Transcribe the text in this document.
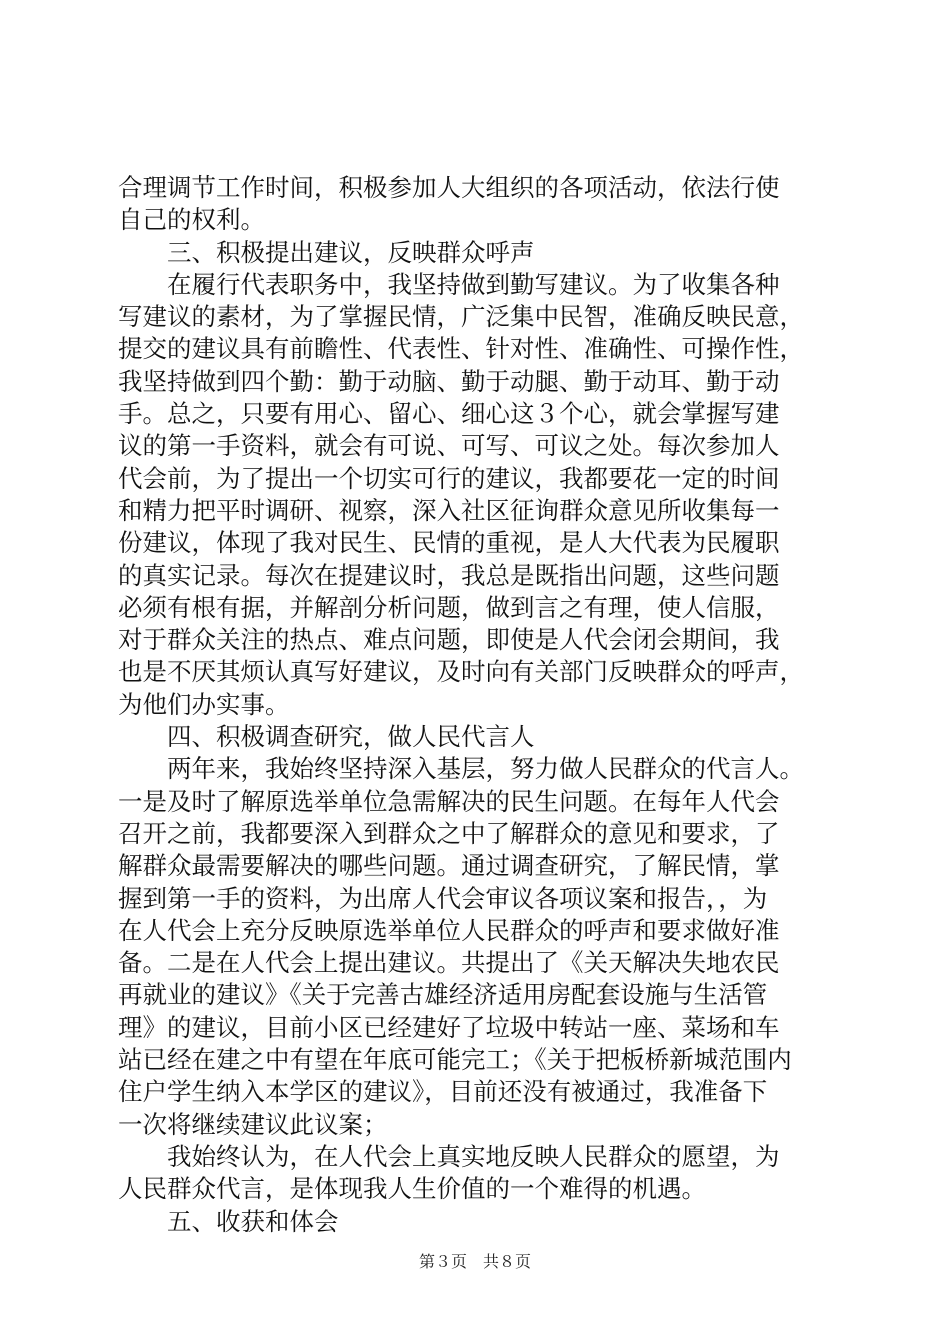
合理调节工作时间，积极参加人大组织的各项活动，依法行使
自己的权利。
　　三、积极提出建议，反映群众呼声
　　在履行代表职务中，我坚持做到勤写建议。为了收集各种
写建议的素材，为了掌握民情，广泛集中民智，准确反映民意，
提交的建议具有前瞻性、代表性、针对性、准确性、可操作性，
我坚持做到四个勤：勤于动脑、勤于动腿、勤于动耳、勤于动
手。总之，只要有用心、留心、细心这３个心，就会掌握写建
议的第一手资料，就会有可说、可写、可议之处。每次参加人
代会前，为了提出一个切实可行的建议，我都要花一定的时间
和精力把平时调研、视察，深入社区征询群众意见所收集每一
份建议，体现了我对民生、民情的重视，是人大代表为民履职
的真实记录。每次在提建议时，我总是既指出问题，这些问题
必须有根有据，并解剖分析问题，做到言之有理，使人信服，
对于群众关注的热点、难点问题，即使是人代会闭会期间，我
也是不厌其烦认真写好建议，及时向有关部门反映群众的呼声，
为他们办实事。
　　四、积极调查研究，做人民代言人
　　两年来，我始终坚持深入基层，努力做人民群众的代言人。
一是及时了解原选举单位急需解决的民生问题。在每年人代会
召开之前，我都要深入到群众之中了解群众的意见和要求，了
解群众最需要解决的哪些问题。通过调查研究，了解民情，掌
握到第一手的资料，为出席人代会审议各项议案和报告，，为
在人代会上充分反映原选举单位人民群众的呼声和要求做好准
备。二是在人代会上提出建议。共提出了《关天解决失地农民
再就业的建议》《关于完善古雄经济适用房配套设施与生活管
理》的建议，目前小区已经建好了垃圾中转站一座、菜场和车
站已经在建之中有望在年底可能完工；《关于把板桥新城范围内
住户学生纳入本学区的建议》，目前还没有被通过，我准备下
一次将继续建议此议案；
　　我始终认为，在人代会上真实地反映人民群众的愿望，为
人民群众代言，是体现我人生价值的一个难得的机遇。
　　五、收获和体会
第３页　共８页
